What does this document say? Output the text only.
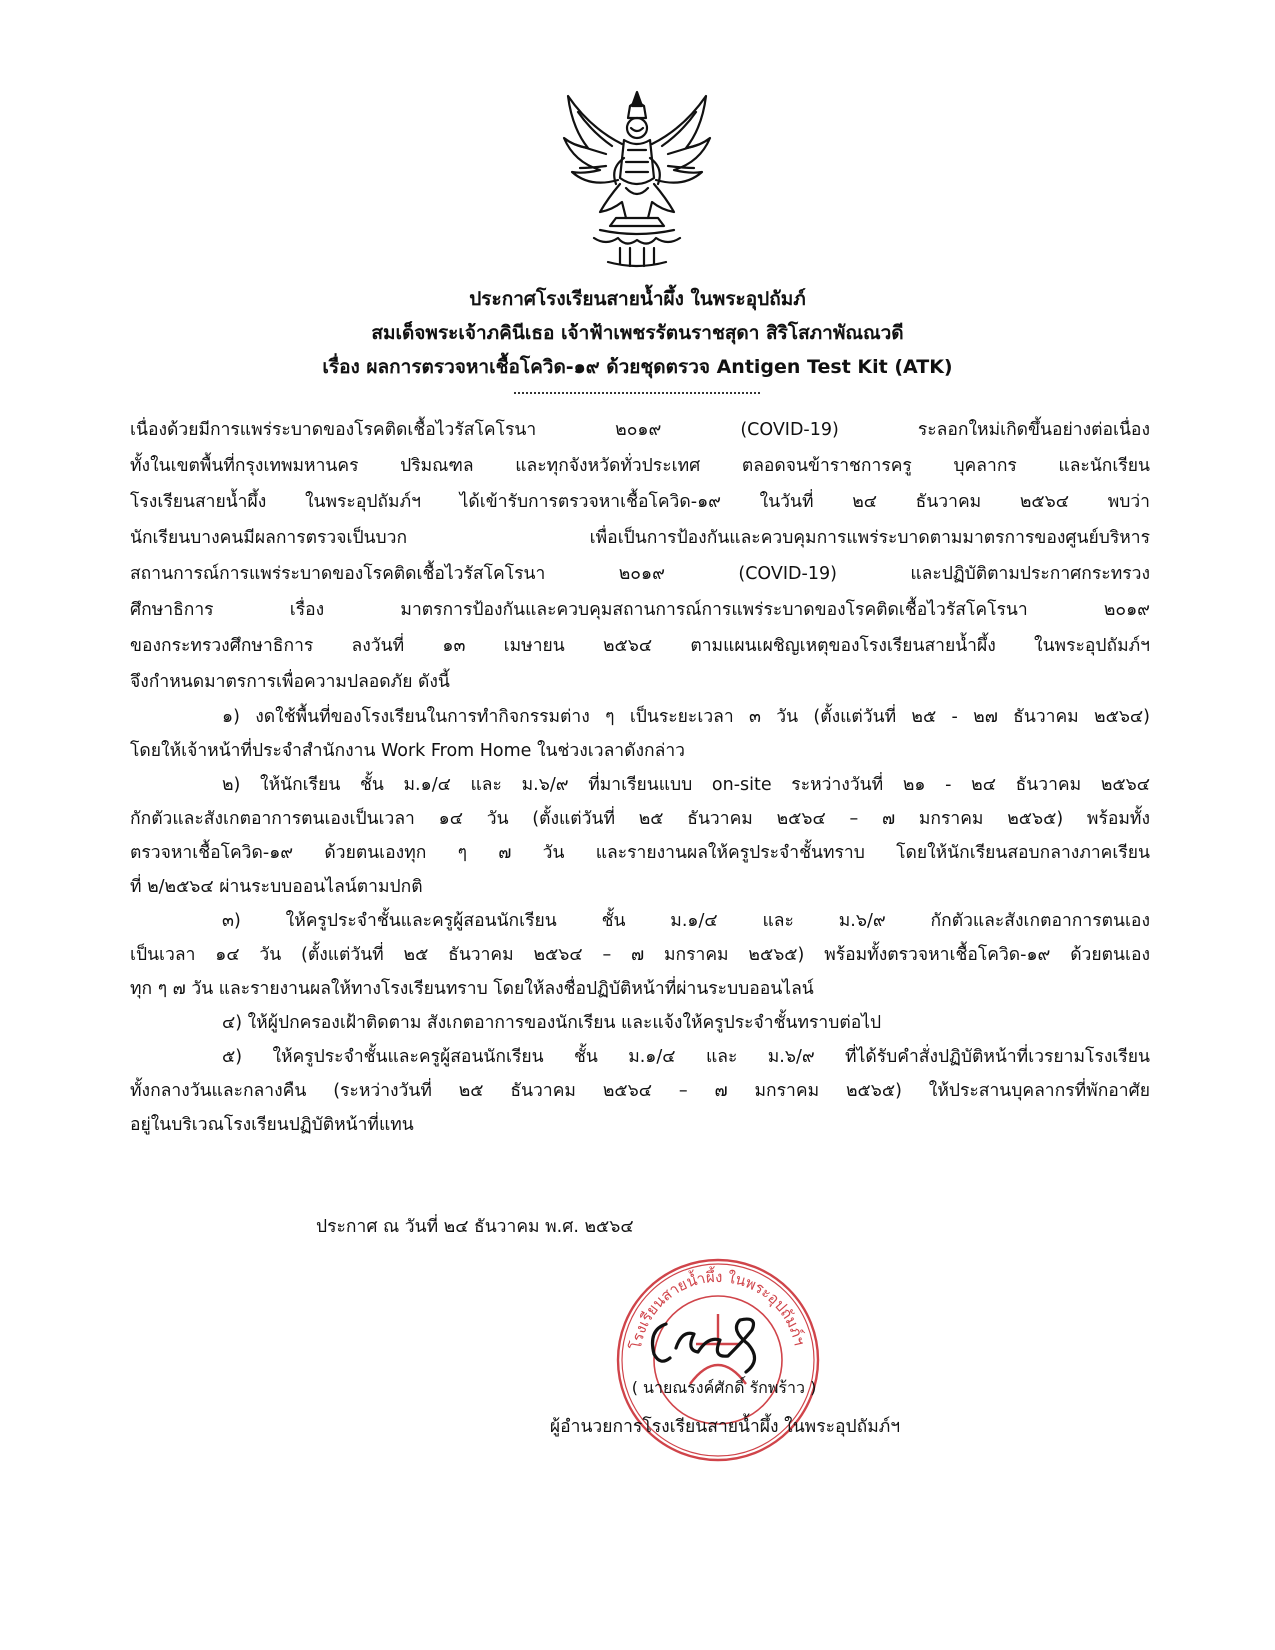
ประกาศโรงเรียนสายน้ำผึ้ง ในพระอุปถัมภ์
สมเด็จพระเจ้าภคินีเธอ เจ้าฟ้าเพชรรัตนราชสุดา สิริโสภาพัณณวดี
เรื่อง ผลการตรวจหาเชื้อโควิด-๑๙ ด้วยชุดตรวจ Antigen Test Kit (ATK)

เนื่องด้วยมีการแพร่ระบาดของโรคติดเชื้อไวรัสโคโรนา ๒๐๑๙ (COVID-19) ระลอกใหม่เกิดขึ้นอย่างต่อเนื่อง
ทั้งในเขตพื้นที่กรุงเทพมหานคร ปริมณฑล และทุกจังหวัดทั่วประเทศ ตลอดจนข้าราชการครู บุคลากร และนักเรียน
โรงเรียนสายน้ำผึ้ง ในพระอุปถัมภ์ฯ ได้เข้ารับการตรวจหาเชื้อโควิด-๑๙ ในวันที่ ๒๔ ธันวาคม ๒๕๖๔ พบว่า
นักเรียนบางคนมีผลการตรวจเป็นบวก เพื่อเป็นการป้องกันและควบคุมการแพร่ระบาดตามมาตรการของศูนย์บริหาร
สถานการณ์การแพร่ระบาดของโรคติดเชื้อไวรัสโคโรนา ๒๐๑๙ (COVID-19) และปฏิบัติตามประกาศกระทรวง
ศึกษาธิการ เรื่อง มาตรการป้องกันและควบคุมสถานการณ์การแพร่ระบาดของโรคติดเชื้อไวรัสโคโรนา ๒๐๑๙
ของกระทรวงศึกษาธิการ ลงวันที่ ๑๓ เมษายน ๒๕๖๔ ตามแผนเผชิญเหตุของโรงเรียนสายน้ำผึ้ง ในพระอุปถัมภ์ฯ
จึงกำหนดมาตรการเพื่อความปลอดภัย ดังนี้

๑) งดใช้พื้นที่ของโรงเรียนในการทำกิจกรรมต่าง ๆ เป็นระยะเวลา ๓ วัน (ตั้งแต่วันที่ ๒๕ - ๒๗ ธันวาคม ๒๕๖๔)
โดยให้เจ้าหน้าที่ประจำสำนักงาน Work From Home ในช่วงเวลาดังกล่าว

๒) ให้นักเรียน ชั้น ม.๑/๔ และ ม.๖/๙ ที่มาเรียนแบบ on-site ระหว่างวันที่ ๒๑ - ๒๔ ธันวาคม ๒๕๖๔
กักตัวและสังเกตอาการตนเองเป็นเวลา ๑๔ วัน (ตั้งแต่วันที่ ๒๕ ธันวาคม ๒๕๖๔ – ๗ มกราคม ๒๕๖๕) พร้อมทั้ง
ตรวจหาเชื้อโควิด-๑๙ ด้วยตนเองทุก ๆ ๗ วัน และรายงานผลให้ครูประจำชั้นทราบ โดยให้นักเรียนสอบกลางภาคเรียน
ที่ ๒/๒๕๖๔ ผ่านระบบออนไลน์ตามปกติ

๓) ให้ครูประจำชั้นและครูผู้สอนนักเรียน ชั้น ม.๑/๔ และ ม.๖/๙ กักตัวและสังเกตอาการตนเอง
เป็นเวลา ๑๔ วัน (ตั้งแต่วันที่ ๒๕ ธันวาคม ๒๕๖๔ – ๗ มกราคม ๒๕๖๕) พร้อมทั้งตรวจหาเชื้อโควิด-๑๙ ด้วยตนเอง
ทุก ๆ ๗ วัน และรายงานผลให้ทางโรงเรียนทราบ โดยให้ลงชื่อปฏิบัติหน้าที่ผ่านระบบออนไลน์

๔) ให้ผู้ปกครองเฝ้าติดตาม สังเกตอาการของนักเรียน และแจ้งให้ครูประจำชั้นทราบต่อไป

๕) ให้ครูประจำชั้นและครูผู้สอนนักเรียน ชั้น ม.๑/๔ และ ม.๖/๙ ที่ได้รับคำสั่งปฏิบัติหน้าที่เวรยามโรงเรียน
ทั้งกลางวันและกลางคืน (ระหว่างวันที่ ๒๕ ธันวาคม ๒๕๖๔ – ๗ มกราคม ๒๕๖๕) ให้ประสานบุคลากรที่พักอาศัย
อยู่ในบริเวณโรงเรียนปฏิบัติหน้าที่แทน

ประกาศ ณ วันที่ ๒๔ ธันวาคม พ.ศ. ๒๕๖๔
โรงเรียนสายน้ำผึ้ง ในพระอุปถัมภ์ฯ
( นายณรงค์ศักดิ์ รักพร้าว )
ผู้อำนวยการโรงเรียนสายน้ำผึ้ง ในพระอุปถัมภ์ฯ
